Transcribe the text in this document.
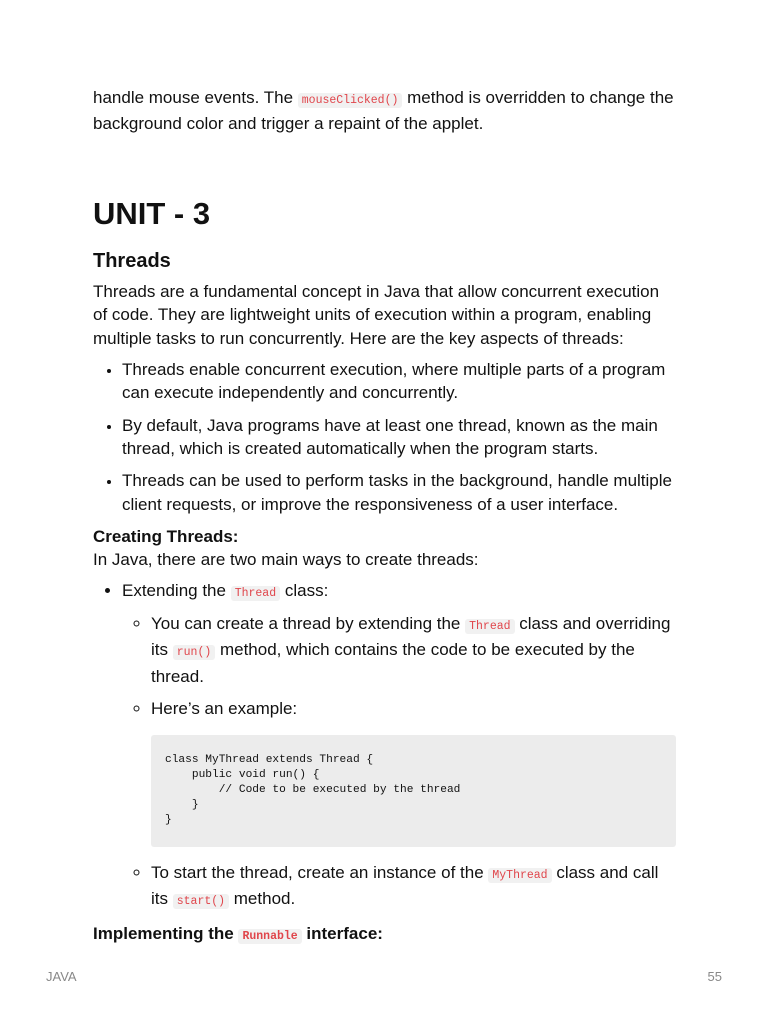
handle mouse events. The mouseClicked() method is overridden to change the background color and trigger a repaint of the applet.

UNIT - 3
Threads

Threads are a fundamental concept in Java that allow concurrent execution of code. They are lightweight units of execution within a program, enabling multiple tasks to run concurrently. Here are the key aspects of threads:

• Threads enable concurrent execution, where multiple parts of a program can execute independently and concurrently.
• By default, Java programs have at least one thread, known as the main thread, which is created automatically when the program starts.
• Threads can be used to perform tasks in the background, handle multiple client requests, or improve the responsiveness of a user interface.

Creating Threads:

In Java, there are two main ways to create threads:

• Extending the Thread class:
◦ You can create a thread by extending the Thread class and overriding its run() method, which contains the code to be executed by the thread.
◦ Here’s an example:
class MyThread extends Thread {
public void run() {
// Code to be executed by the thread
}
}
◦ To start the thread, create an instance of the MyThread class and call its start() method.

Implementing the Runnable interface:

JAVA	55
